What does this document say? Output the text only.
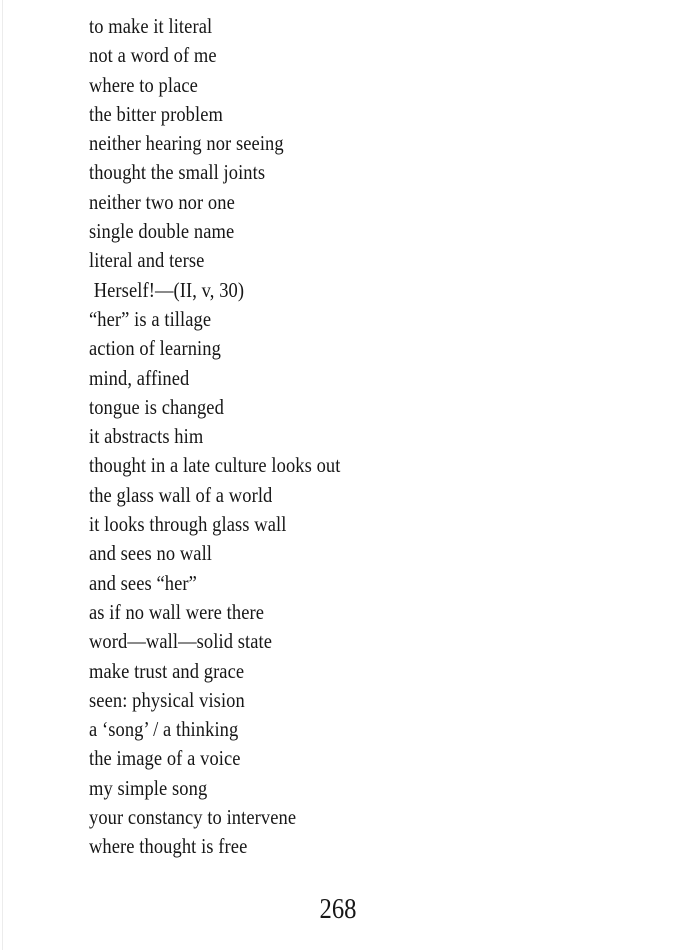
to make it literal
not a word of me
where to place
the bitter problem
neither hearing nor seeing
thought the small joints
neither two nor one
single double name
literal and terse
Herself!—(II, v, 30)
“her” is a tillage
action of learning
mind, affined
tongue is changed
it abstracts him
thought in a late culture looks out
the glass wall of a world
it looks through glass wall
and sees no wall
and sees “her”
as if no wall were there
word—wall—solid state
make trust and grace
seen: physical vision
a ‘song’ / a thinking
the image of a voice
my simple song
your constancy to intervene
where thought is free
268
